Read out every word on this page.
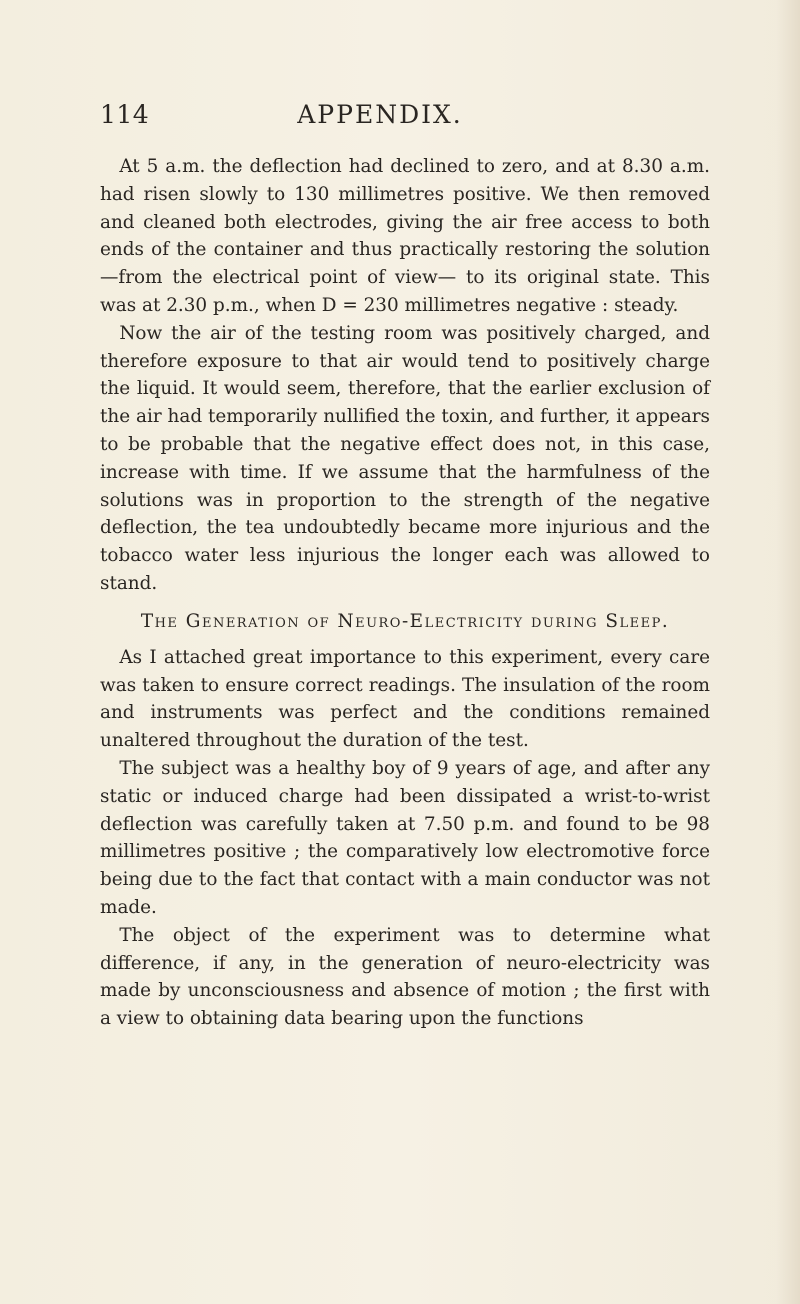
114	APPENDIX.

At 5 a.m. the deflection had declined to zero, and at 8.30 a.m. had risen slowly to 130 millimetres positive. We then removed and cleaned both electrodes, giving the air free access to both ends of the container and thus practically restoring the solution—from the electrical point of view— to its original state. This was at 2.30 p.m., when D = 230 millimetres negative : steady.

Now the air of the testing room was positively charged, and therefore exposure to that air would tend to positively charge the liquid. It would seem, therefore, that the earlier exclusion of the air had temporarily nullified the toxin, and further, it appears to be probable that the negative effect does not, in this case, increase with time. If we assume that the harmfulness of the solutions was in proportion to the strength of the negative deflection, the tea undoubtedly became more injurious and the tobacco water less injurious the longer each was allowed to stand.

The Generation of Neuro-Electricity during Sleep.

As I attached great importance to this experiment, every care was taken to ensure correct readings. The insulation of the room and instruments was perfect and the conditions remained unaltered throughout the duration of the test.

The subject was a healthy boy of 9 years of age, and after any static or induced charge had been dissipated a wrist-to-wrist deflection was carefully taken at 7.50 p.m. and found to be 98 millimetres positive ; the comparatively low electromotive force being due to the fact that contact with a main conductor was not made.

The object of the experiment was to determine what difference, if any, in the generation of neuro-electricity was made by unconsciousness and absence of motion ; the first with a view to obtaining data bearing upon the functions
